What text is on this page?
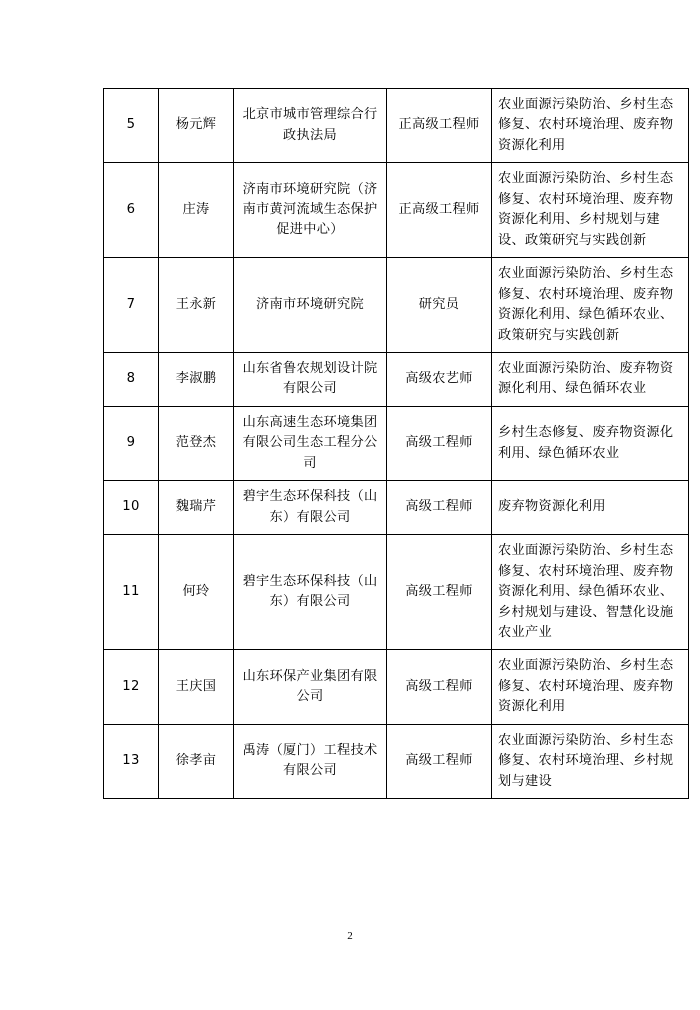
5	杨元辉	北京市城市管理综合行政执法局	正高级工程师	农业面源污染防治、乡村生态修复、农村环境治理、废弃物资源化利用
6	庄涛	济南市环境研究院（济南市黄河流域生态保护促进中心）	正高级工程师	农业面源污染防治、乡村生态修复、农村环境治理、废弃物资源化利用、乡村规划与建设、政策研究与实践创新
7	王永新	济南市环境研究院	研究员	农业面源污染防治、乡村生态修复、农村环境治理、废弃物资源化利用、绿色循环农业、政策研究与实践创新
8	李淑鹏	山东省鲁农规划设计院有限公司	高级农艺师	农业面源污染防治、废弃物资源化利用、绿色循环农业
9	范登杰	山东高速生态环境集团有限公司生态工程分公司	高级工程师	乡村生态修复、废弃物资源化利用、绿色循环农业
10	魏瑞芹	碧宇生态环保科技（山东）有限公司	高级工程师	废弃物资源化利用
11	何玲	碧宇生态环保科技（山东）有限公司	高级工程师	农业面源污染防治、乡村生态修复、农村环境治理、废弃物资源化利用、绿色循环农业、乡村规划与建设、智慧化设施农业产业
12	王庆国	山东环保产业集团有限公司	高级工程师	农业面源污染防治、乡村生态修复、农村环境治理、废弃物资源化利用
13	徐孝亩	禹涛（厦门）工程技术有限公司	高级工程师	农业面源污染防治、乡村生态修复、农村环境治理、乡村规划与建设
2
